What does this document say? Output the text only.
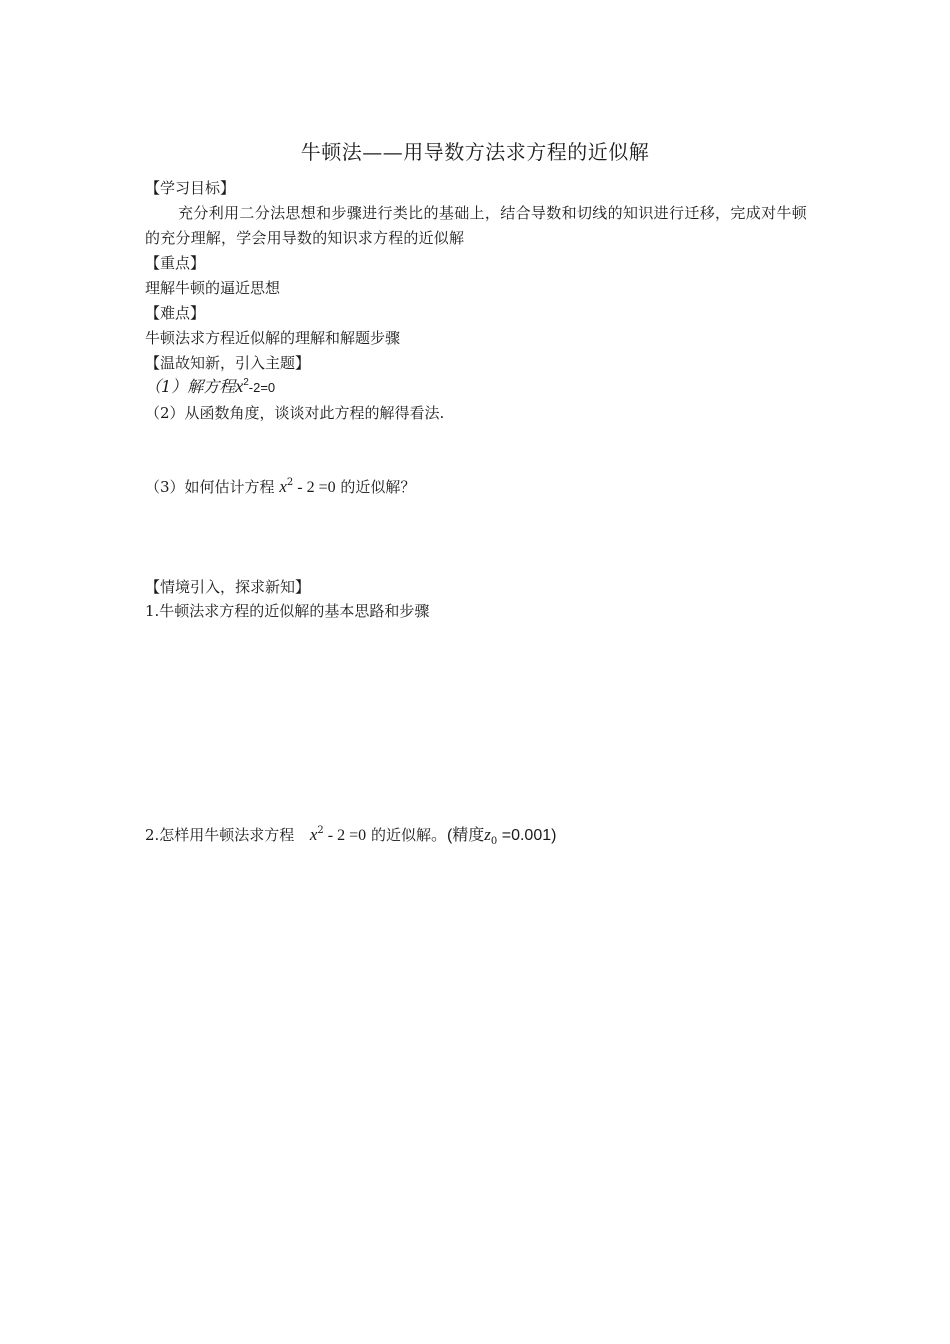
牛顿法——用导数方法求方程的近似解
【学习目标】
充分利用二分法思想和步骤进行类比的基础上，结合导数和切线的知识进行迁移，完成对牛顿的充分理解，学会用导数的知识求方程的近似解
【重点】
理解牛顿的逼近思想
【难点】
牛顿法求方程近似解的理解和解题步骤
【温故知新，引入主题】
（1）解方程$x^2-2=0$
（2）从函数角度，谈谈对此方程的解得看法.
（3）如何估计方程 $x^2 - 2 =0$ 的近似解？
【情境引入，探求新知】
1.牛顿法求方程的近似解的基本思路和步骤
2.怎样用牛顿法求方程 $x^2 - 2 =0$ 的近似解。(精度$z_0 =0.001$)
